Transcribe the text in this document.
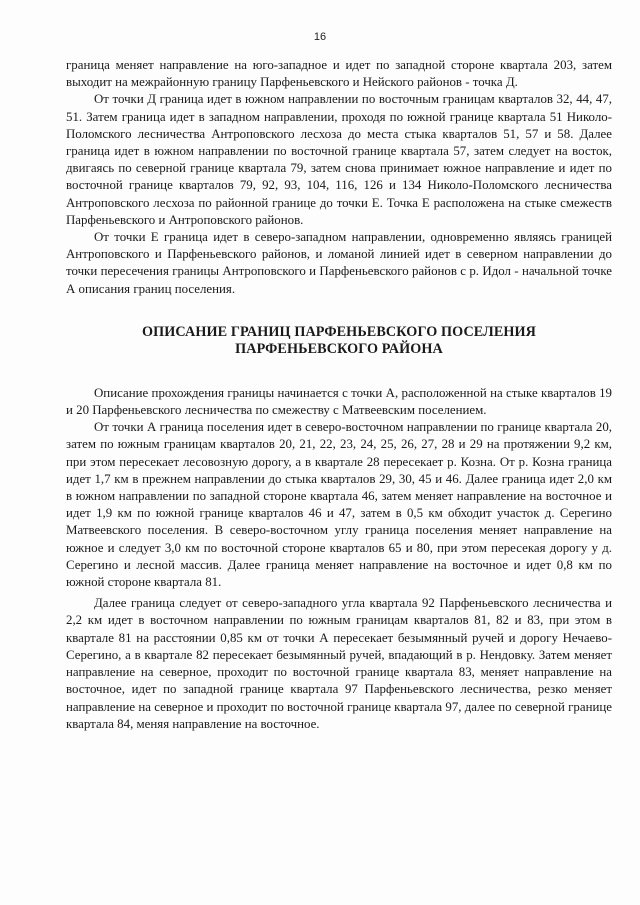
16

граница меняет направление на юго-западное и идет по западной стороне квартала 203, затем выходит на межрайонную границу Парфеньевского и Нейского районов - точка Д.

От точки Д граница идет в южном направлении по восточным границам кварталов 32, 44, 47, 51. Затем граница идет в западном направлении, проходя по южной границе квартала 51 Николо-Поломского лесничества Антроповского лесхоза до места стыка кварталов 51, 57 и 58. Далее граница идет в южном направлении по восточной границе квартала 57, затем следует на восток, двигаясь по северной границе квартала 79, затем снова принимает южное направление и идет по восточной границе кварталов 79, 92, 93, 104, 116, 126 и 134 Николо-Поломского лесничества Антроповского лесхоза по районной границе до точки Е. Точка Е расположена на стыке смежеств Парфеньевского и Антроповского районов.

От точки Е граница идет в северо-западном направлении, одновременно являясь границей Антроповского и Парфеньевского районов, и ломаной линией идет в северном направлении до точки пересечения границы Антроповского и Парфеньевского районов с р. Идол - начальной точке А описания границ поселения.

ОПИСАНИЕ ГРАНИЦ ПАРФЕНЬЕВСКОГО ПОСЕЛЕНИЯ
ПАРФЕНЬЕВСКОГО РАЙОНА

Описание прохождения границы начинается с точки А, расположенной на стыке кварталов 19 и 20 Парфеньевского лесничества по смежеству с Матвеевским поселением.

От точки А граница поселения идет в северо-восточном направлении по границе квартала 20, затем по южным границам кварталов 20, 21, 22, 23, 24, 25, 26, 27, 28 и 29 на протяжении 9,2 км, при этом пересекает лесовозную дорогу, а в квартале 28 пересекает р. Козна. От р. Козна граница идет 1,7 км в прежнем направлении до стыка кварталов 29, 30, 45 и 46. Далее граница идет 2,0 км в южном направлении по западной стороне квартала 46, затем меняет направление на восточное и идет 1,9 км по южной границе кварталов 46 и 47, затем в 0,5 км обходит участок д. Серегино Матвеевского поселения. В северо-восточном углу граница поселения меняет направление на южное и следует 3,0 км по восточной стороне кварталов 65 и 80, при этом пересекая дорогу у д. Серегино и лесной массив. Далее граница меняет направление на восточное и идет 0,8 км по южной стороне квартала 81.

Далее граница следует от северо-западного угла квартала 92 Парфеньевского лесничества и 2,2 км идет в восточном направлении по южным границам кварталов 81, 82 и 83, при этом в квартале 81 на расстоянии 0,85 км от точки А пересекает безымянный ручей и дорогу Нечаево-Серегино, а в квартале 82 пересекает безымянный ручей, впадающий в р. Нендовку. Затем меняет направление на северное, проходит по восточной границе квартала 83, меняет направление на восточное, идет по западной границе квартала 97 Парфеньевского лесничества, резко меняет направление на северное и проходит по восточной границе квартала 97, далее по северной границе квартала 84, меняя направление на восточное.
